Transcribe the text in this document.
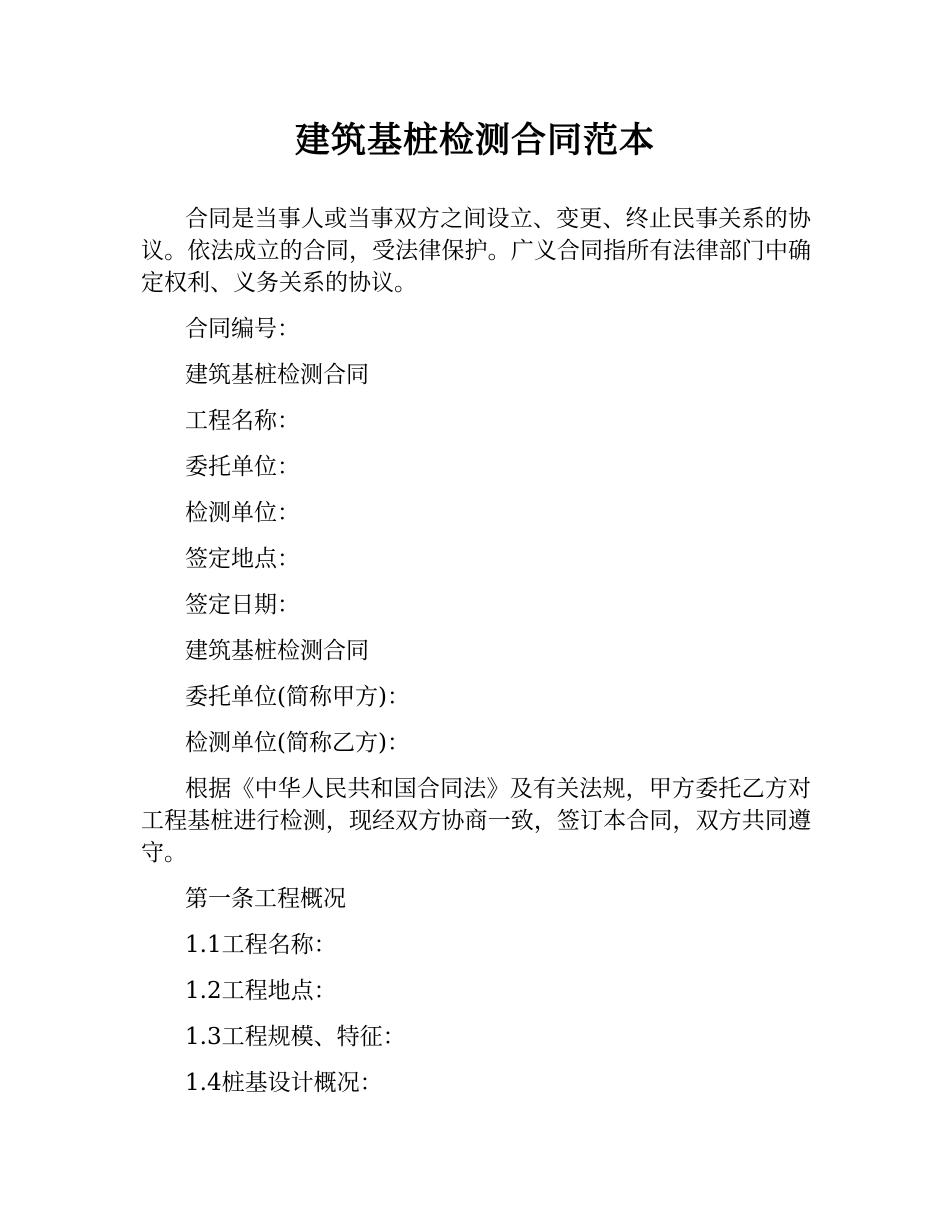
建筑基桩检测合同范本

合同是当事人或当事双方之间设立、变更、终止民事关系的协议。依法成立的合同，受法律保护。广义合同指所有法律部门中确定权利、义务关系的协议。

合同编号：

建筑基桩检测合同

工程名称：

委托单位：

检测单位：

签定地点：

签定日期：

建筑基桩检测合同

委托单位(简称甲方)：

检测单位(简称乙方)：

根据《中华人民共和国合同法》及有关法规，甲方委托乙方对工程基桩进行检测，现经双方协商一致，签订本合同，双方共同遵守。

第一条工程概况

1.1工程名称：

1.2工程地点：

1.3工程规模、特征：

1.4桩基设计概况：
